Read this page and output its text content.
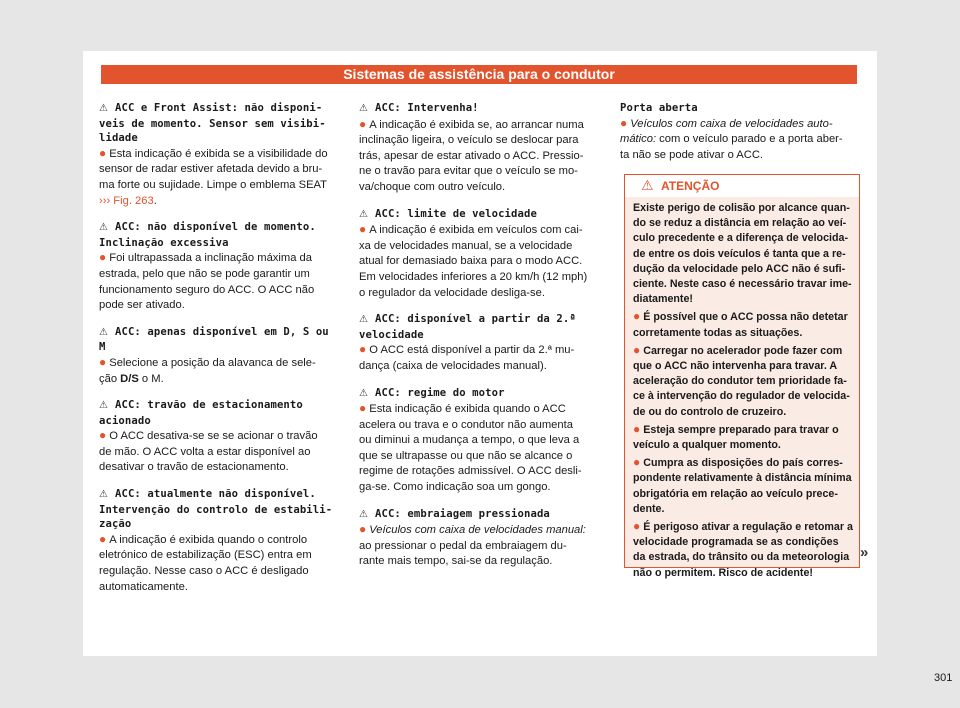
Sistemas de assistência para o condutor
⚠ ACC e Front Assist: não disponi-
veis de momento. Sensor sem visibi-
lidade
● Esta indicação é exibida se a visibilidade do
sensor de radar estiver afetada devido a bru-
ma forte ou sujidade. Limpe o emblema SEAT
››› Fig. 263.
⚠ ACC: não disponível de momento.
Inclinação excessiva
● Foi ultrapassada a inclinação máxima da
estrada, pelo que não se pode garantir um
funcionamento seguro do ACC. O ACC não
pode ser ativado.
⚠ ACC: apenas disponível em D, S ou
M
● Selecione a posição da alavanca de sele-
ção D/S o M.
⚠ ACC: travão de estacionamento
acionado
● O ACC desativa-se se se acionar o travão
de mão. O ACC volta a estar disponível ao
desativar o travão de estacionamento.
⚠ ACC: atualmente não disponível.
Intervenção do controlo de estabili-
zação
● A indicação é exibida quando o controlo
eletrónico de estabilização (ESC) entra em
regulação. Nesse caso o ACC é desligado
automaticamente.
⚠ ACC: Intervenha!
● A indicação é exibida se, ao arrancar numa
inclinação ligeira, o veículo se deslocar para
trás, apesar de estar ativado o ACC. Pressio-
ne o travão para evitar que o veículo se mo-
va/choque com outro veículo.
⚠ ACC: limite de velocidade
● A indicação é exibida em veículos com cai-
xa de velocidades manual, se a velocidade
atual for demasiado baixa para o modo ACC.
Em velocidades inferiores a 20 km/h (12 mph)
o regulador da velocidade desliga-se.
⚠ ACC: disponível a partir da 2.ª
velocidade
● O ACC está disponível a partir da 2.ª mu-
dança (caixa de velocidades manual).
⚠ ACC: regime do motor
● Esta indicação é exibida quando o ACC
acelera ou trava e o condutor não aumenta
ou diminui a mudança a tempo, o que leva a
que se ultrapasse ou que não se alcance o
regime de rotações admissível. O ACC desli-
ga-se. Como indicação soa um gongo.
⚠ ACC: embraiagem pressionada
● Veículos com caixa de velocidades manual:
ao pressionar o pedal da embraiagem du-
rante mais tempo, sai-se da regulação.
Porta aberta
● Veículos com caixa de velocidades auto-
mático: com o veículo parado e a porta aber-
ta não se pode ativar o ACC.
⚠ ATENÇÃO

Existe perigo de colisão por alcance quan-
do se reduz a distância em relação ao veí-
culo precedente e a diferença de velocida-
de entre os dois veículos é tanta que a re-
dução da velocidade pelo ACC não é sufi-
ciente. Neste caso é necessário travar ime-
diatamente!

● É possível que o ACC possa não detetar
corretamente todas as situações.

● Carregar no acelerador pode fazer com
que o ACC não intervenha para travar. A
aceleração do condutor tem prioridade fa-
ce à intervenção do regulador de velocida-
de ou do controlo de cruzeiro.

● Esteja sempre preparado para travar o
veículo a qualquer momento.

● Cumpra as disposições do país corres-
pondente relativamente à distância mínima
obrigatória em relação ao veículo prece-
dente.

● É perigoso ativar a regulação e retomar a
velocidade programada se as condições
da estrada, do trânsito ou da meteorologia
não o permitem. Risco de acidente!

»
301
